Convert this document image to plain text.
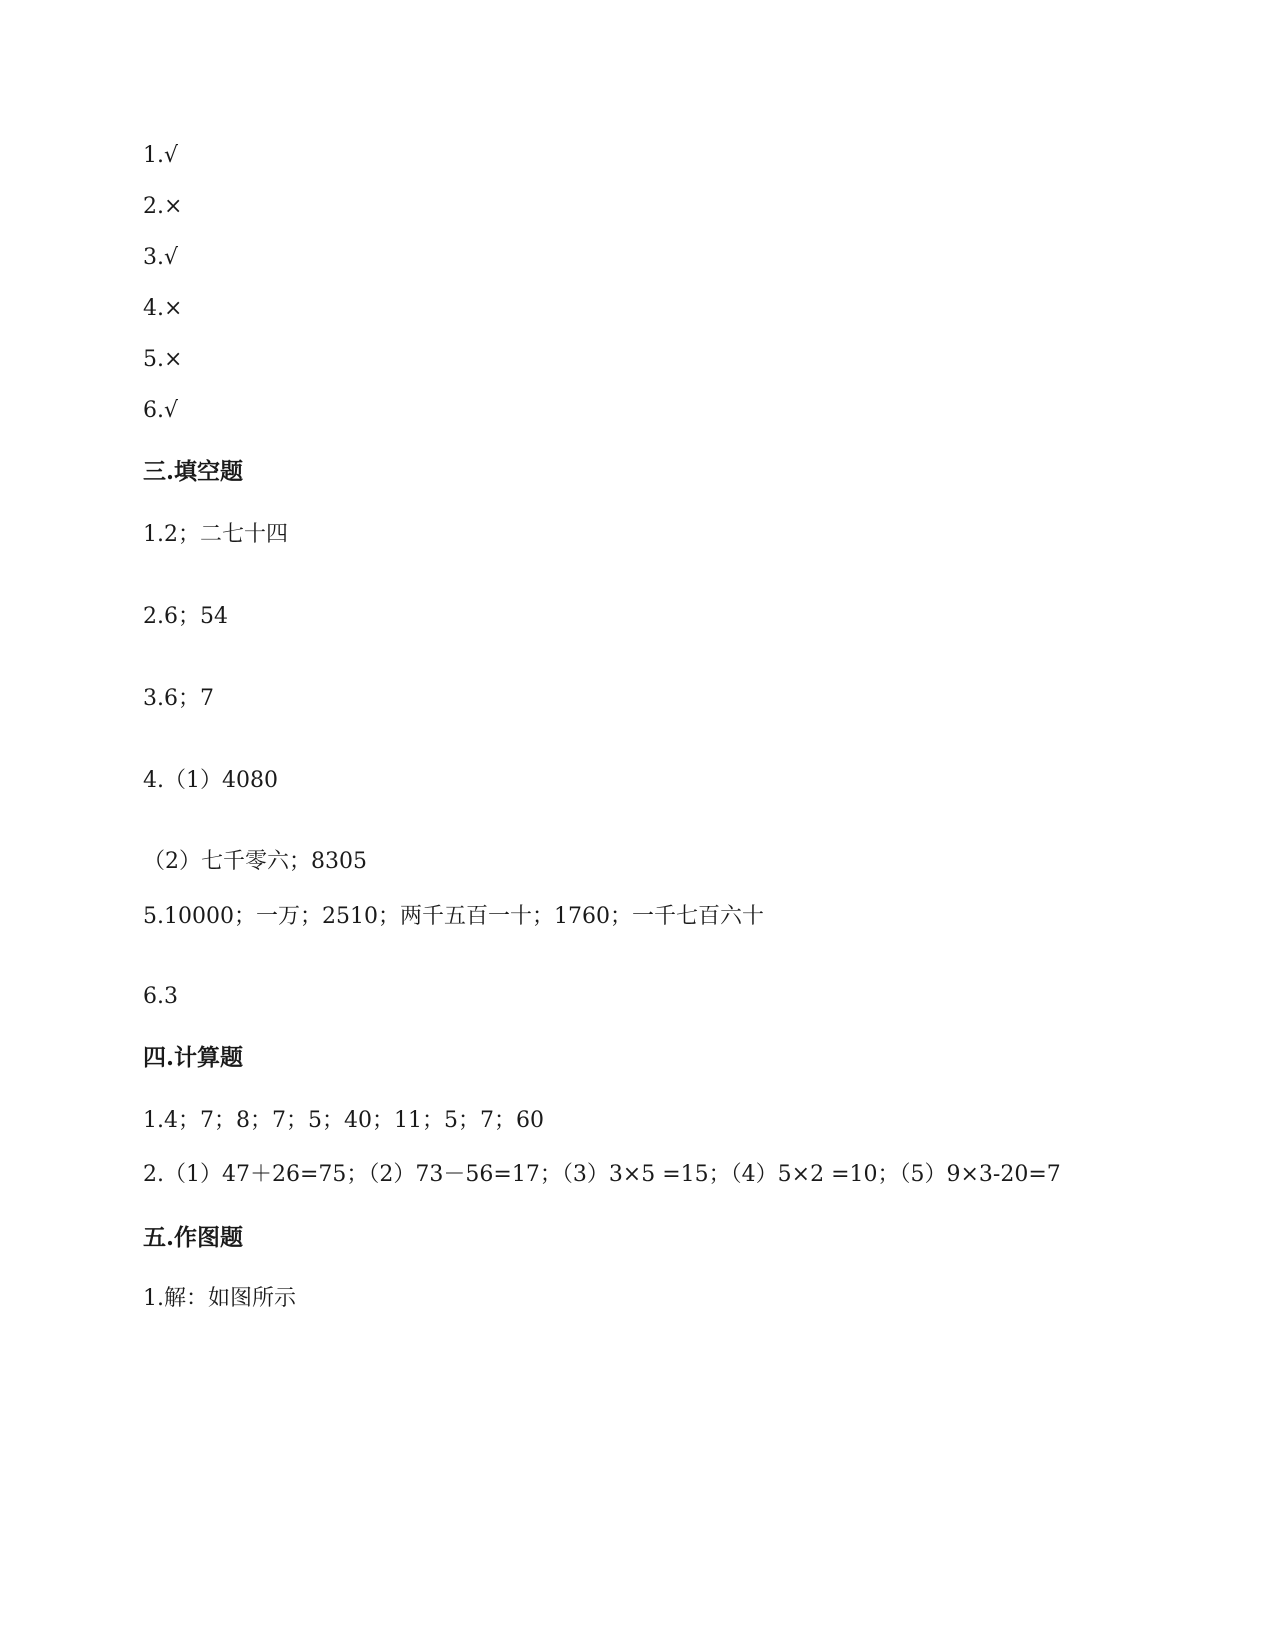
1.√
2.×
3.√
4.×
5.×
6.√
三.填空题
1.2；二七十四
2.6；54
3.6；7
4.（1）4080
（2）七千零六；8305
5.10000；一万；2510；两千五百一十；1760；一千七百六十
6.3
四.计算题
1.4；7；8；7；5；40；11；5；7；60
2.（1）47＋26=75；（2）73－56=17；（3）3×5 =15；（4）5×2 =10；（5）9×3-20=7
五.作图题
1.解：如图所示
